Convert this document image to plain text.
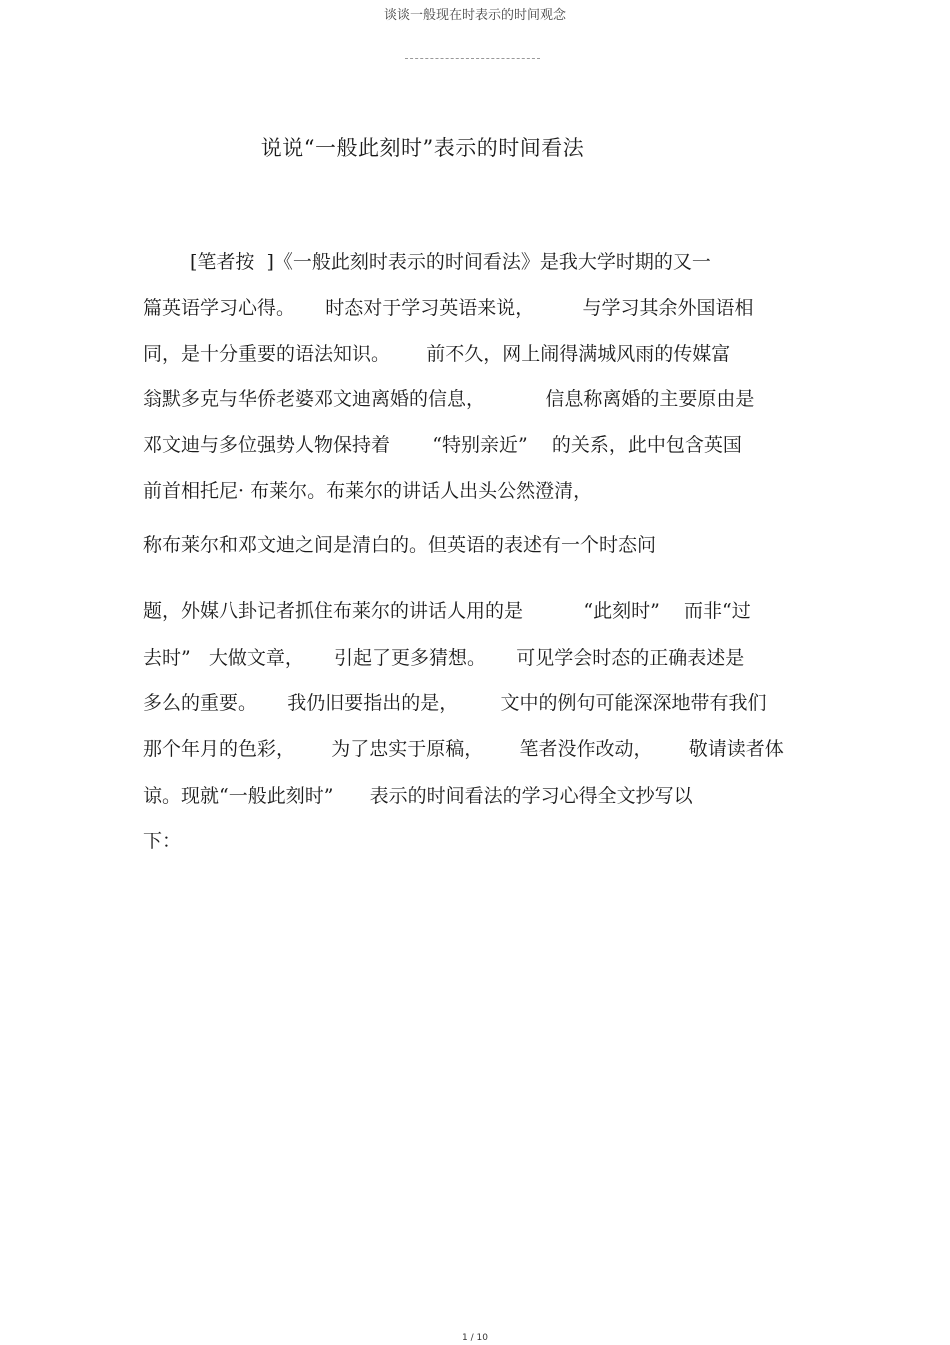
谈谈一般现在时表示的时间观念
说说“一般此刻时”表示的时间看法
[笔者按  ]《一般此刻时表示的时间看法》是我大学时期的又一
篇英语学习心得。     时态对于学习英语来说，        与学习其余外国语相
同，是十分重要的语法知识。      前不久，网上闹得满城风雨的传媒富
翁默多克与华侨老婆邓文迪离婚的信息，          信息称离婚的主要原由是
邓文迪与多位强势人物保持着       “特别亲近”    的关系，此中包含英国
前首相托尼· 布莱尔。布莱尔的讲话人出头公然澄清，
称布莱尔和邓文迪之间是清白的。但英语的表述有一个时态问
题，外媒八卦记者抓住布莱尔的讲话人用的是          “此刻时”    而非“过
去时”   大做文章，     引起了更多猜想。     可见学会时态的正确表述是
多么的重要。     我仍旧要指出的是，       文中的例句可能深深地带有我们
那个年月的色彩，      为了忠实于原稿，      笔者没作改动，      敬请读者体
谅。现就“一般此刻时”      表示的时间看法的学习心得全文抄写以
下：
1 / 10
